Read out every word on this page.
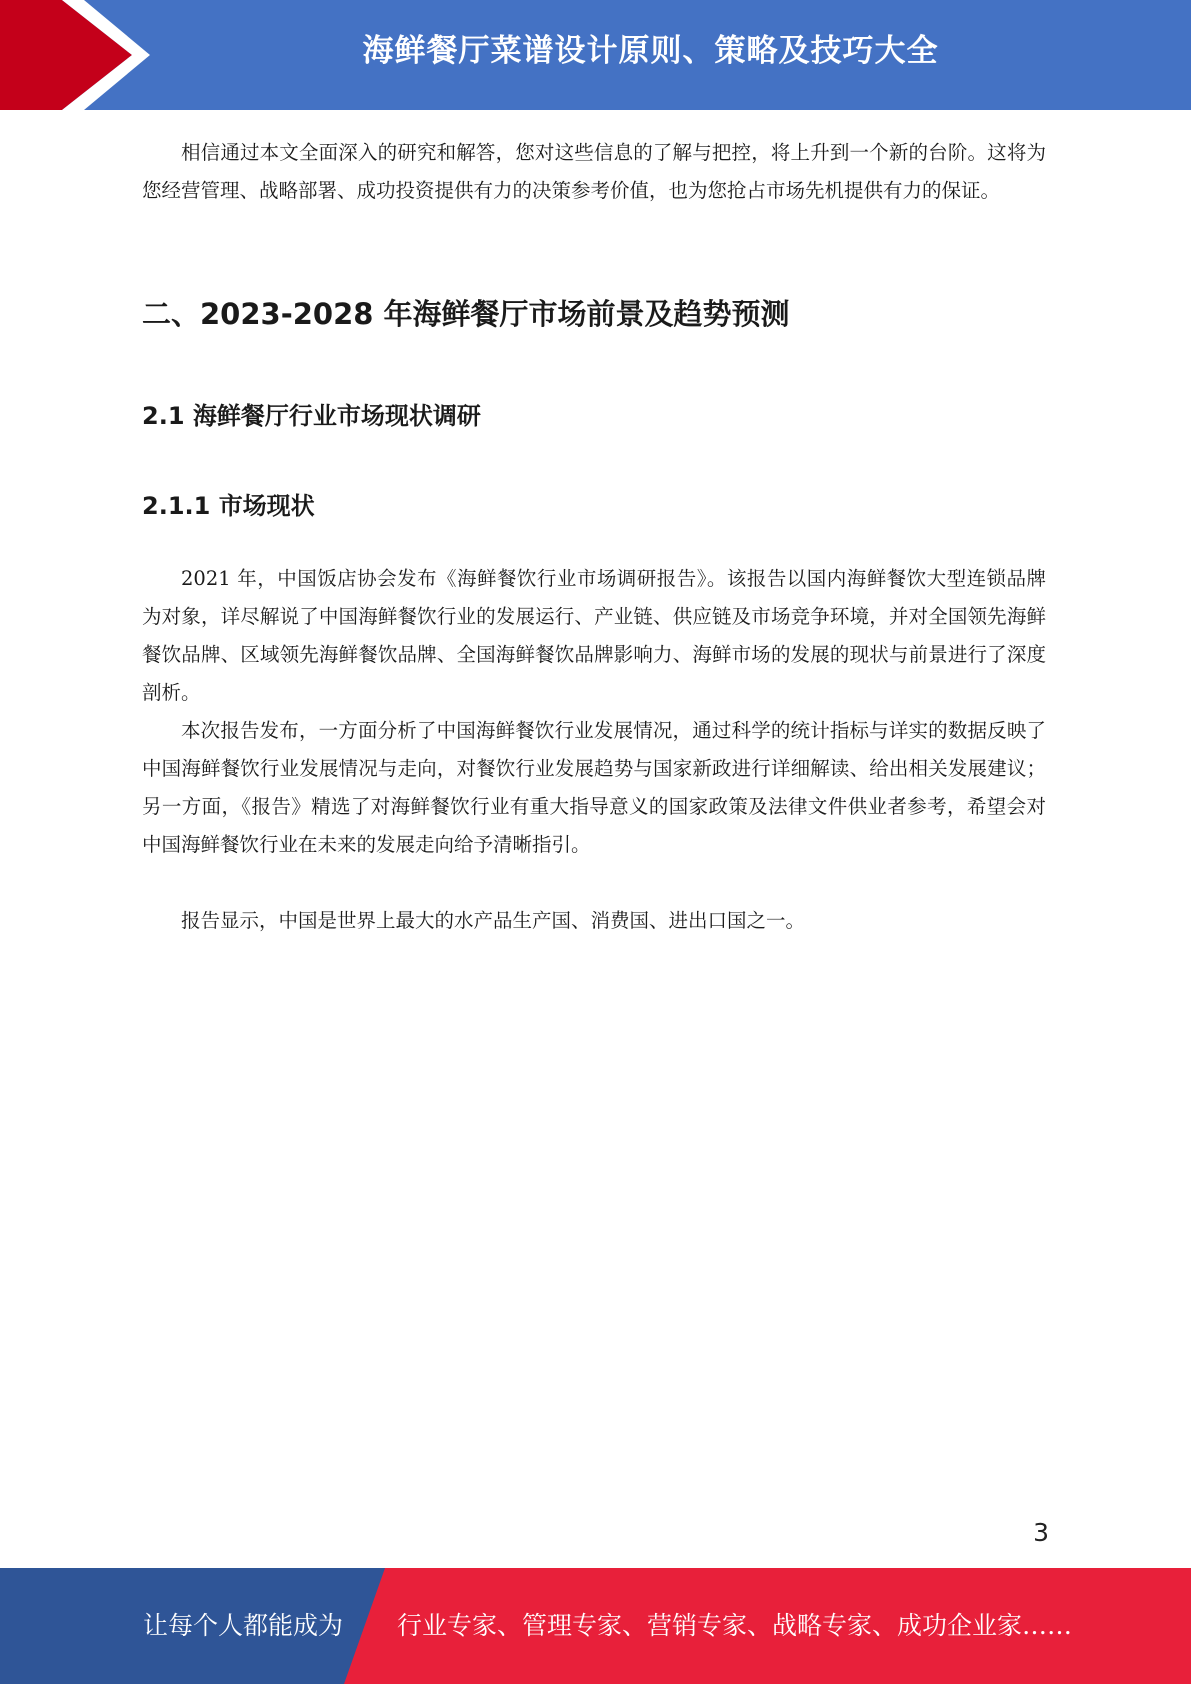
海鲜餐厅菜谱设计原则、策略及技巧大全

相信通过本文全面深入的研究和解答，您对这些信息的了解与把控，将上升到一个新的台阶。这将为您经营管理、战略部署、成功投资提供有力的决策参考价值，也为您抢占市场先机提供有力的保证。

二、2023-2028 年海鲜餐厅市场前景及趋势预测
2.1 海鲜餐厅行业市场现状调研
2.1.1 市场现状

2021 年，中国饭店协会发布《海鲜餐饮行业市场调研报告》。该报告以国内海鲜餐饮大型连锁品牌为对象，详尽解说了中国海鲜餐饮行业的发展运行、产业链、供应链及市场竞争环境，并对全国领先海鲜餐饮品牌、区域领先海鲜餐饮品牌、全国海鲜餐饮品牌影响力、海鲜市场的发展的现状与前景进行了深度剖析。

本次报告发布，一方面分析了中国海鲜餐饮行业发展情况，通过科学的统计指标与详实的数据反映了中国海鲜餐饮行业发展情况与走向，对餐饮行业发展趋势与国家新政进行详细解读、给出相关发展建议；另一方面，《报告》精选了对海鲜餐饮行业有重大指导意义的国家政策及法律文件供业者参考，希望会对中国海鲜餐饮行业在未来的发展走向给予清晰指引。

报告显示，中国是世界上最大的水产品生产国、消费国、进出口国之一。

3
让每个人都能成为 行业专家、管理专家、营销专家、战略专家、成功企业家……
